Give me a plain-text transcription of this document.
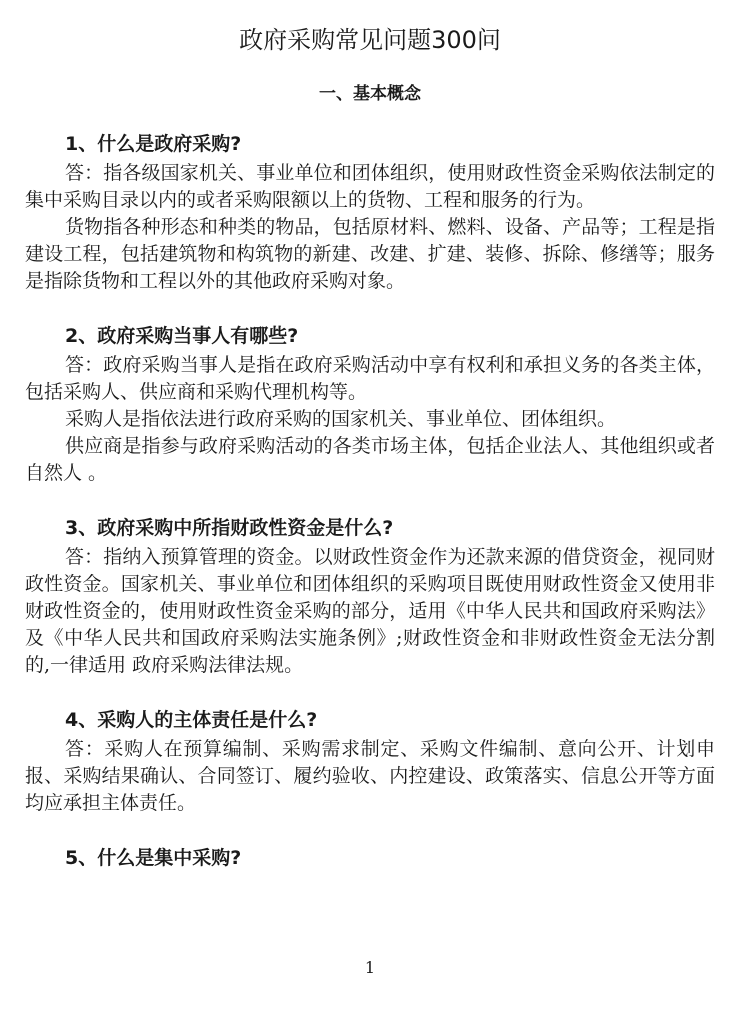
政府采购常见问题300问
一、基本概念

1、什么是政府采购?

答：指各级国家机关、事业单位和团体组织，使用财政性资金采购依法制定的集中采购目录以内的或者采购限额以上的货物、工程和服务的行为。

货物指各种形态和种类的物品，包括原材料、燃料、设备、产品等；工程是指建设工程，包括建筑物和构筑物的新建、改建、扩建、装修、拆除、修缮等；服务是指除货物和工程以外的其他政府采购对象。

2、政府采购当事人有哪些?

答：政府采购当事人是指在政府采购活动中享有权利和承担义务的各类主体，包括采购人、供应商和采购代理机构等。

采购人是指依法进行政府采购的国家机关、事业单位、团体组织。

供应商是指参与政府采购活动的各类市场主体，包括企业法人、其他组织或者自然人 。

3、政府采购中所指财政性资金是什么?

答：指纳入预算管理的资金。以财政性资金作为还款来源的借贷资金，视同财政性资金。国家机关、事业单位和团体组织的采购项目既使用财政性资金又使用非财政性资金的，使用财政性资金采购的部分，适用《中华人民共和国政府采购法》及《中华人民共和国政府采购法实施条例》;财政性资金和非财政性资金无法分割的,一律适用 政府采购法律法规。

4、采购人的主体责任是什么?

答：采购人在预算编制、采购需求制定、采购文件编制、意向公开、计划申报、采购结果确认、合同签订、履约验收、内控建设、政策落实、信息公开等方面均应承担主体责任。

5、什么是集中采购?

1
